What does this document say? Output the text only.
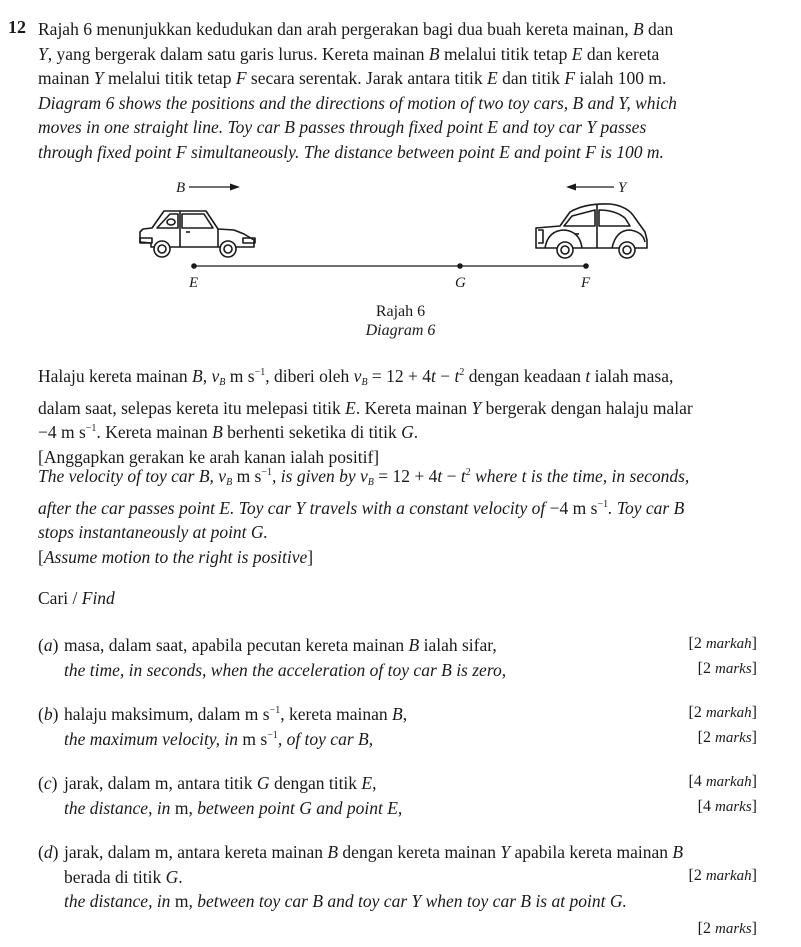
12 Rajah 6 menunjukkan kedudukan dan arah pergerakan bagi dua buah kereta mainan, B dan
Y, yang bergerak dalam satu garis lurus. Kereta mainan B melalui titik tetap E dan kereta
mainan Y melalui titik tetap F secara serentak. Jarak antara titik E dan titik F ialah 100 m.
Diagram 6 shows the positions and the directions of motion of two toy cars, B and Y, which
moves in one straight line. Toy car B passes through fixed point E and toy car Y passes
through fixed point F simultaneously. The distance between point E and point F is 100 m.
B	Y
E	G	F
Rajah 6
Diagram 6
Halaju kereta mainan B, $v_B$ m $s^{-1}$, diberi oleh $v_B = 12 + 4t - t^2$ dengan keadaan t ialah masa,
dalam saat, selepas kereta itu melepasi titik E. Kereta mainan Y bergerak dengan halaju malar
−4 m $s^{-1}$. Kereta mainan B berhenti seketika di titik G.
[Anggapkan gerakan ke arah kanan ialah positif]
The velocity of toy car B, $v_B$ m $s^{-1}$, is given by $v_B = 12 + 4t - t^2$ where t is the time, in seconds,
after the car passes point E. Toy car Y travels with a constant velocity of −4 m $s^{-1}$. Toy car B
stops instantaneously at point G.
[Assume motion to the right is positive]
Cari / Find
(a) masa, dalam saat, apabila pecutan kereta mainan B ialah sifar,
the time, in seconds, when the acceleration of toy car B is zero,
[2 markah]
[2 marks]
(b) halaju maksimum, dalam m $s^{-1}$, kereta mainan B,
the maximum velocity, in m $s^{-1}$, of toy car B,
[2 markah]
[2 marks]
(c) jarak, dalam m, antara titik G dengan titik E,
the distance, in m, between point G and point E,
[4 markah]
[4 marks]
(d) jarak, dalam m, antara kereta mainan B dengan kereta mainan Y apabila kereta mainan B
berada di titik G.
the distance, in m, between toy car B and toy car Y when toy car B is at point G.
[2 markah]
[2 marks]
